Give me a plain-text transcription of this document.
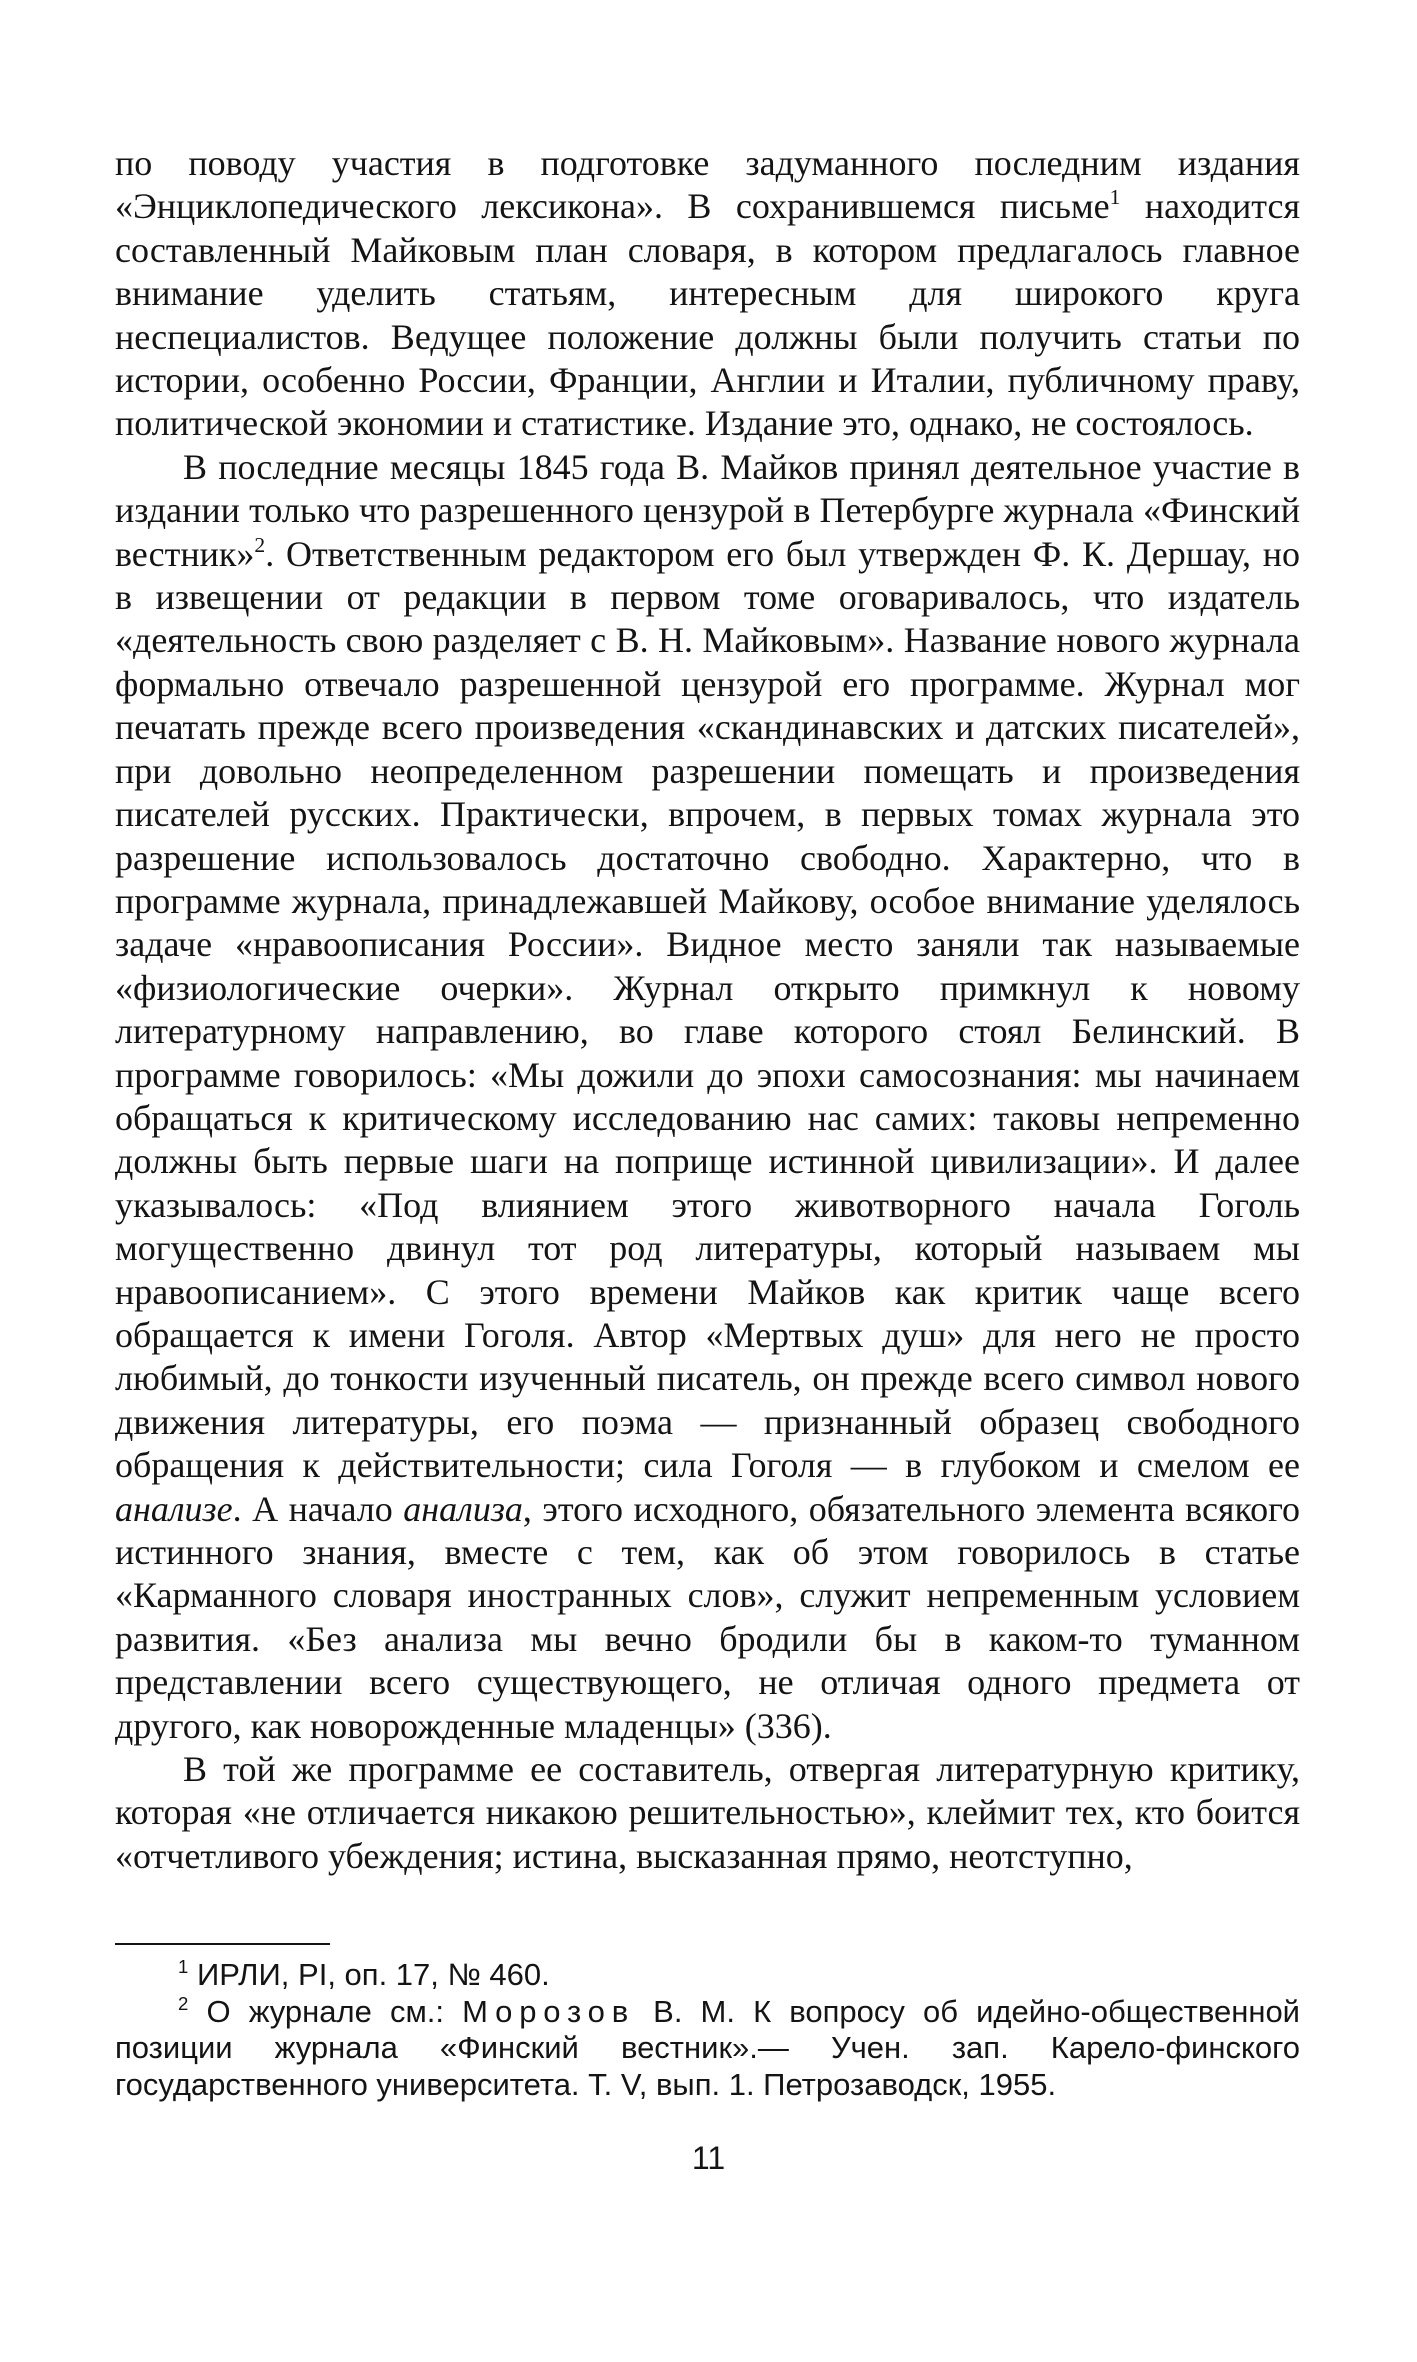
по поводу участия в подготовке задуманного последним издания «Энциклопедического лексикона». В сохранившемся письме$^1$ находится составленный Майковым план словаря, в котором предлагалось главное внимание уделить статьям, интересным для широкого круга неспециалистов. Ведущее положение должны были получить статьи по истории, особенно России, Франции, Англии и Италии, публичному праву, политической экономии и статистике. Издание это, однако, не состоялось.

В последние месяцы 1845 года В. Майков принял деятельное участие в издании только что разрешенного цензурой в Петербурге журнала «Финский вестник»$^2$. Ответственным редактором его был утвержден Ф. К. Дершау, но в извещении от редакции в первом томе оговаривалось, что издатель «деятельность свою разделяет с В. Н. Майковым». Название нового журнала формально отвечало разрешенной цензурой его программе. Журнал мог печатать прежде всего произведения «скандинавских и датских писателей», при довольно неопределенном разрешении помещать и произведения писателей русских. Практически, впрочем, в первых томах журнала это разрешение использовалось достаточно свободно. Характерно, что в программе журнала, принадлежавшей Майкову, особое внимание уделялось задаче «нравоописания России». Видное место заняли так называемые «физиологические очерки». Журнал открыто примкнул к новому литературному направлению, во главе которого стоял Белинский. В программе говорилось: «Мы дожили до эпохи самосознания: мы начинаем обращаться к критическому исследованию нас самих: таковы непременно должны быть первые шаги на поприще истинной цивилизации». И далее указывалось: «Под влиянием этого животворного начала Гоголь могущественно двинул тот род литературы, который называем мы нравоописанием». С этого времени Майков как критик чаще всего обращается к имени Гоголя. Автор «Мертвых душ» для него не просто любимый, до тонкости изученный писатель, он прежде всего символ нового движения литературы, его поэма — признанный образец свободного обращения к действительности; сила Гоголя — в глубоком и смелом ее анализе. А начало анализа, этого исходного, обязательного элемента всякого истинного знания, вместе с тем, как об этом говорилось в статье «Карманного словаря иностранных слов», служит непременным условием развития. «Без анализа мы вечно бродили бы в каком-то туманном представлении всего существующего, не отличая одного предмета от другого, как новорожденные младенцы» (336).

В той же программе ее составитель, отвергая литературную критику, которая «не отличается никакою решительностью», клеймит тех, кто боится «отчетливого убеждения; истина, высказанная прямо, неотступно,

$^1$ ИРЛИ, РІ, оп. 17, № 460.

$^2$ О журнале см.: Морозов В. М. К вопросу об идейно-общественной позиции журнала «Финский вестник».— Учен. зап. Карело-финского государственного университета. Т. V, вып. 1. Петрозаводск, 1955.

11
